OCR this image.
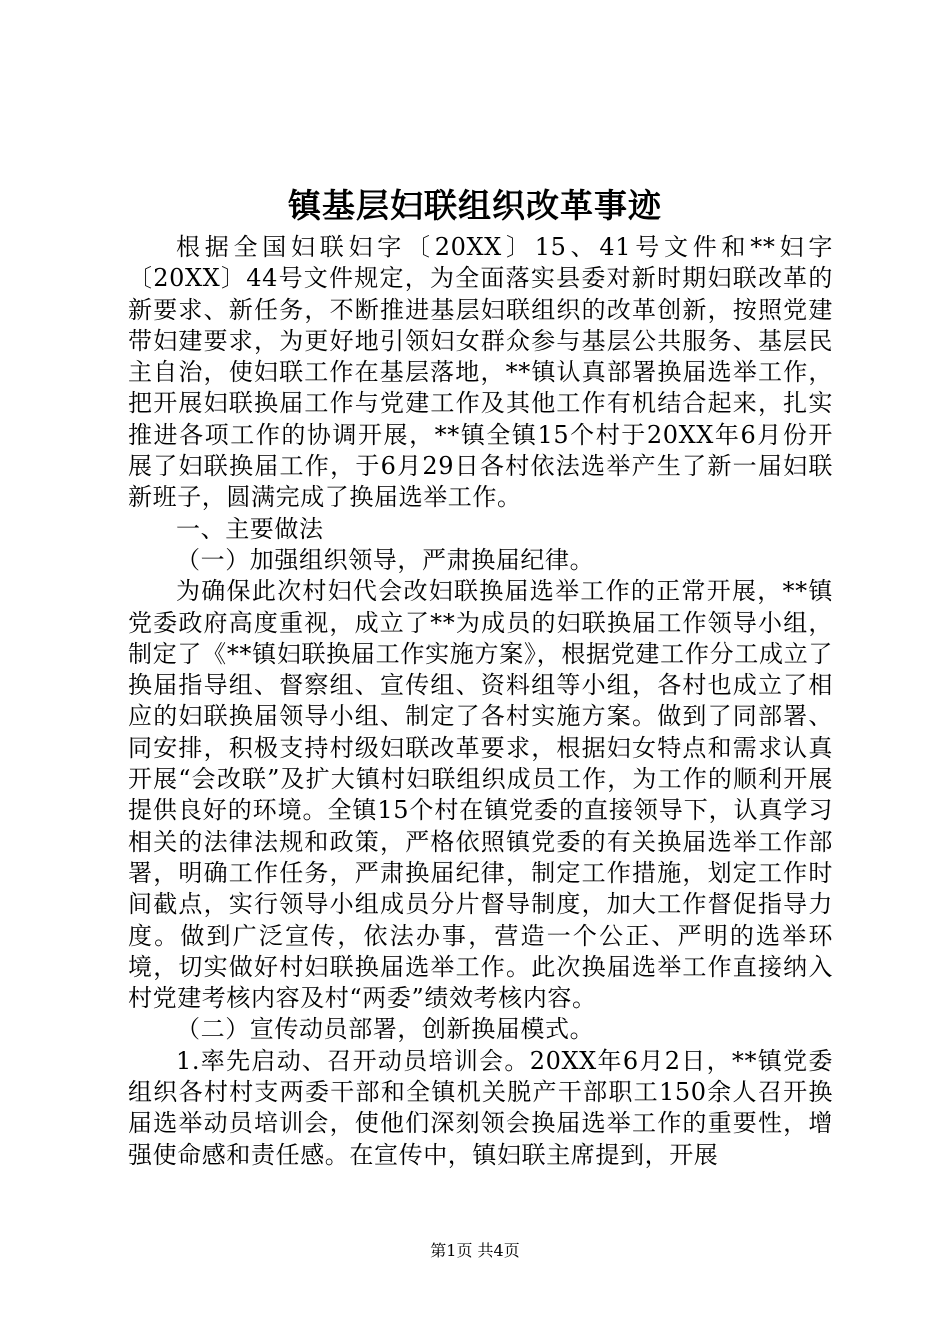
镇基层妇联组织改革事迹

根据全国妇联妇字〔20XX〕15、41号文件和**妇字〔20XX〕44号文件规定，为全面落实县委对新时期妇联改革的新要求、新任务，不断推进基层妇联组织的改革创新，按照党建带妇建要求，为更好地引领妇女群众参与基层公共服务、基层民主自治，使妇联工作在基层落地，**镇认真部署换届选举工作，把开展妇联换届工作与党建工作及其他工作有机结合起来，扎实推进各项工作的协调开展，**镇全镇15个村于20XX年6月份开展了妇联换届工作，于6月29日各村依法选举产生了新一届妇联新班子，圆满完成了换届选举工作。

一、主要做法

（一）加强组织领导，严肃换届纪律。

为确保此次村妇代会改妇联换届选举工作的正常开展，**镇党委政府高度重视，成立了**为成员的妇联换届工作领导小组，制定了《**镇妇联换届工作实施方案》，根据党建工作分工成立了换届指导组、督察组、宣传组、资料组等小组，各村也成立了相应的妇联换届领导小组、制定了各村实施方案。做到了同部署、同安排，积极支持村级妇联改革要求，根据妇女特点和需求认真开展“会改联”及扩大镇村妇联组织成员工作，为工作的顺利开展提供良好的环境。全镇15个村在镇党委的直接领导下，认真学习相关的法律法规和政策，严格依照镇党委的有关换届选举工作部署，明确工作任务，严肃换届纪律，制定工作措施，划定工作时间截点，实行领导小组成员分片督导制度，加大工作督促指导力度。做到广泛宣传，依法办事，营造一个公正、严明的选举环境，切实做好村妇联换届选举工作。此次换届选举工作直接纳入村党建考核内容及村“两委”绩效考核内容。

（二）宣传动员部署，创新换届模式。

1.率先启动、召开动员培训会。20XX年6月2日，**镇党委组织各村村支两委干部和全镇机关脱产干部职工150余人召开换届选举动员培训会，使他们深刻领会换届选举工作的重要性，增强使命感和责任感。在宣传中，镇妇联主席提到，开展

第1页 共4页
